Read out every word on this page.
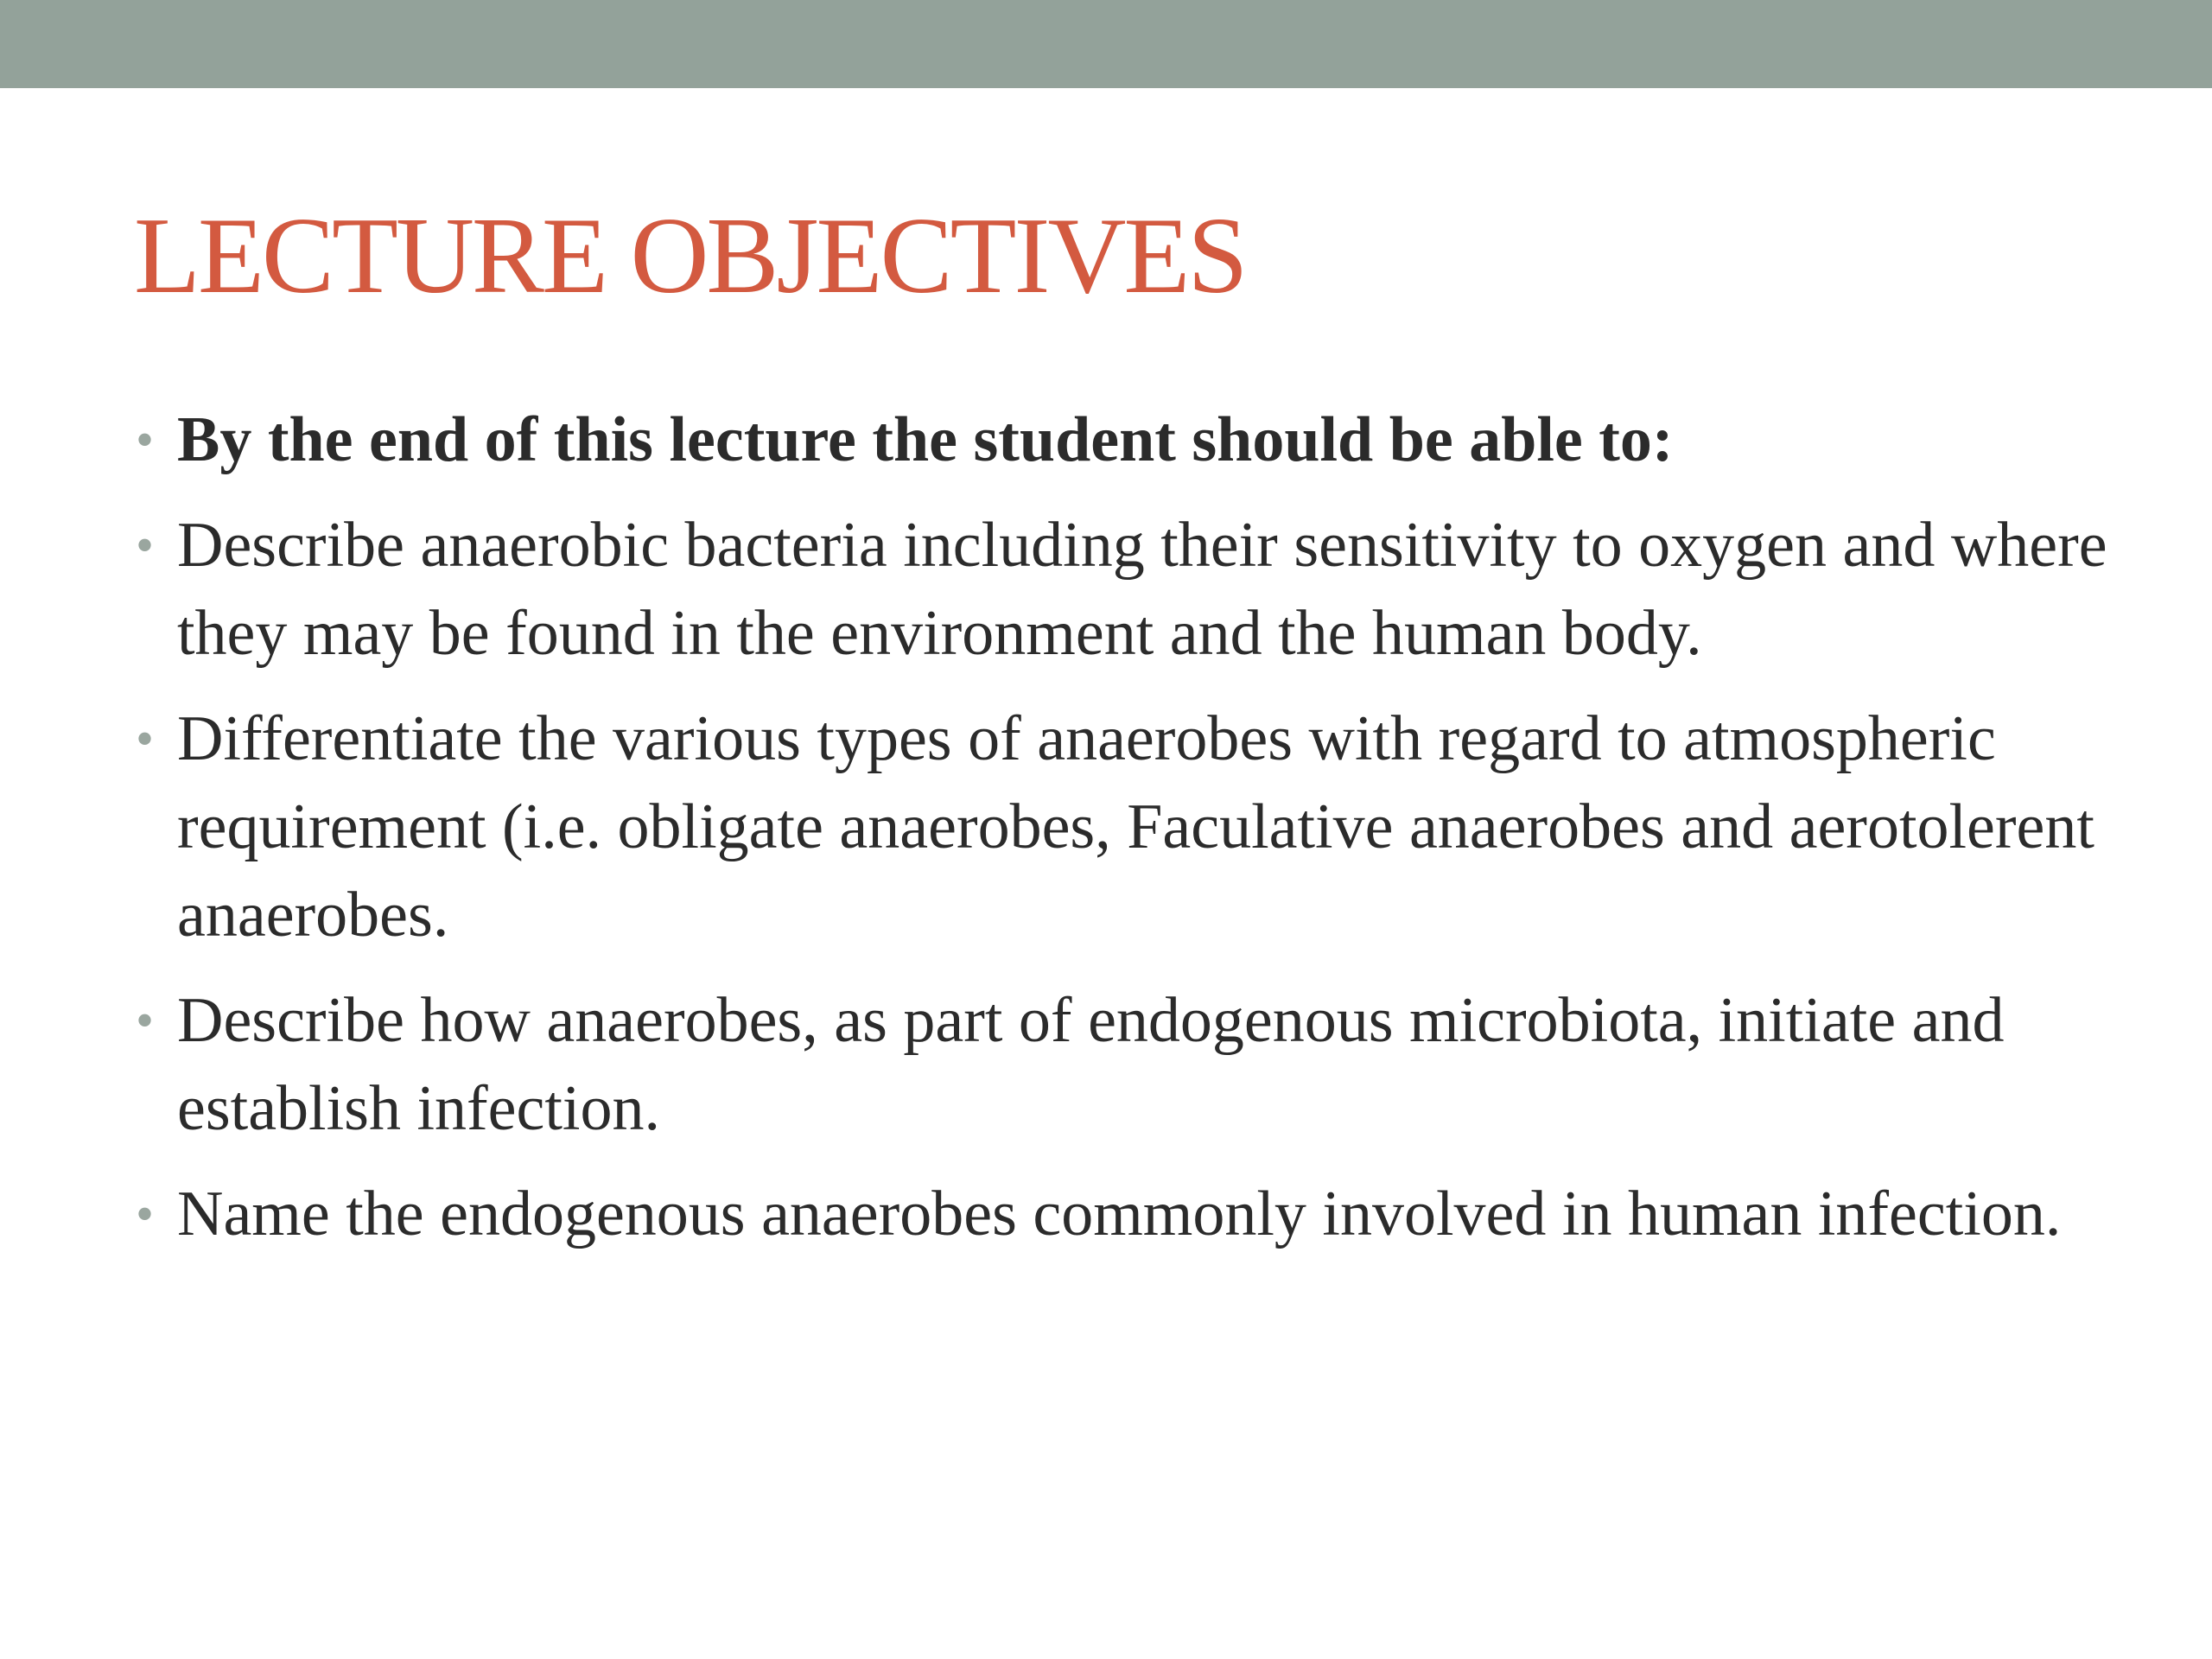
LECTURE OBJECTIVES
• By the end of this lecture the student should be able to:
• Describe anaerobic bacteria including their sensitivity to oxygen and where they may be found in the environment and the human body.
• Differentiate the various types of anaerobes with regard to atmospheric requirement (i.e. obligate anaerobes, Faculative anaerobes and aerotolerent anaerobes.
• Describe how anaerobes, as part of endogenous microbiota, initiate and establish infection.
• Name the endogenous anaerobes commonly involved in human infection.
